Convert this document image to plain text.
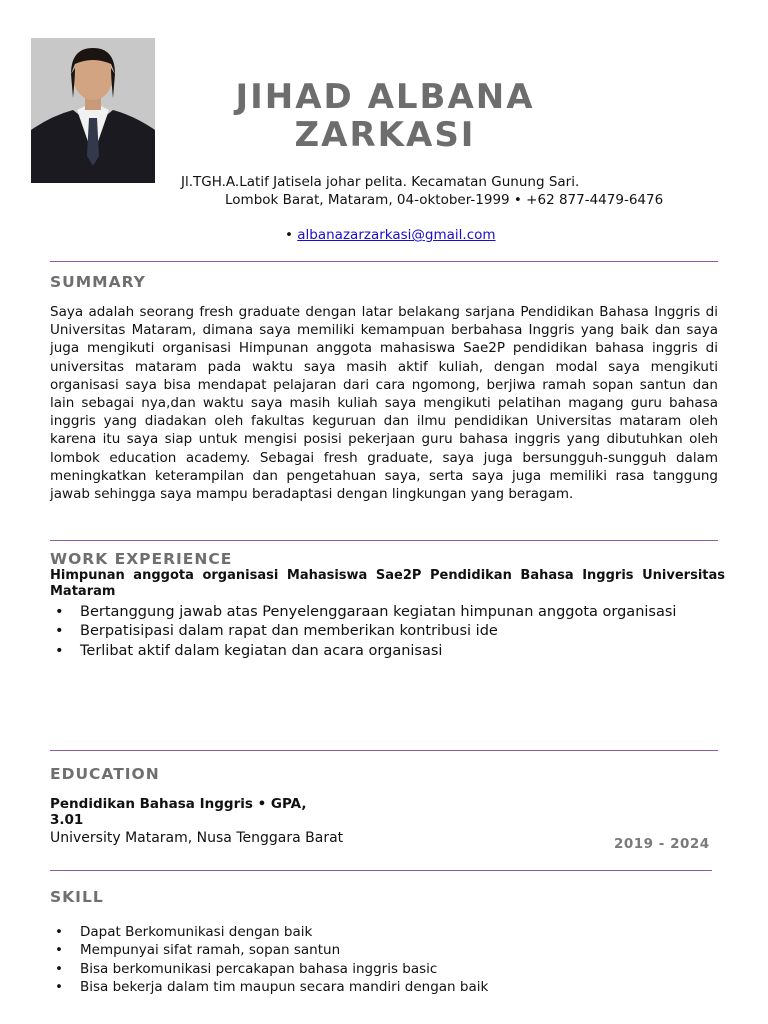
JIHAD ALBANA
ZARKASI
Jl.TGH.A.Latif Jatisela johar pelita. Kecamatan Gunung Sari.
Lombok Barat, Mataram, 04-oktober-1999 • +62 877-4479-6476
• albanazarzarkasi@gmail.com
SUMMARY
Saya adalah seorang fresh graduate dengan latar belakang sarjana Pendidikan Bahasa Inggris di Universitas Mataram, dimana saya memiliki kemampuan berbahasa Inggris yang baik dan saya juga mengikuti organisasi Himpunan anggota mahasiswa Sae2P pendidikan bahasa inggris di universitas mataram pada waktu saya masih aktif kuliah, dengan modal saya mengikuti organisasi saya bisa mendapat pelajaran dari cara ngomong, berjiwa ramah sopan santun dan lain sebagai nya,dan waktu saya masih kuliah saya mengikuti pelatihan magang guru bahasa inggris yang diadakan oleh fakultas keguruan dan ilmu pendidikan Universitas mataram oleh karena itu saya siap untuk mengisi posisi pekerjaan guru bahasa inggris yang dibutuhkan oleh lombok education academy. Sebagai fresh graduate, saya juga bersungguh-sungguh dalam meningkatkan keterampilan dan pengetahuan saya, serta saya juga memiliki rasa tanggung jawab sehingga saya mampu beradaptasi dengan lingkungan yang beragam.
WORK EXPERIENCE
Himpunan anggota organisasi Mahasiswa Sae2P Pendidikan Bahasa Inggris Universitas Mataram
• Bertanggung jawab atas Penyelenggaraan kegiatan himpunan anggota organisasi
• Berpatisipasi dalam rapat dan memberikan kontribusi ide
• Terlibat aktif dalam kegiatan dan acara organisasi
EDUCATION
Pendidikan Bahasa Inggris • GPA, 3.01
University Mataram, Nusa Tenggara Barat	2019 - 2024
SKILL
• Dapat Berkomunikasi dengan baik
• Mempunyai sifat ramah, sopan santun
• Bisa berkomunikasi percakapan bahasa inggris basic
• Bisa bekerja dalam tim maupun secara mandiri dengan baik
